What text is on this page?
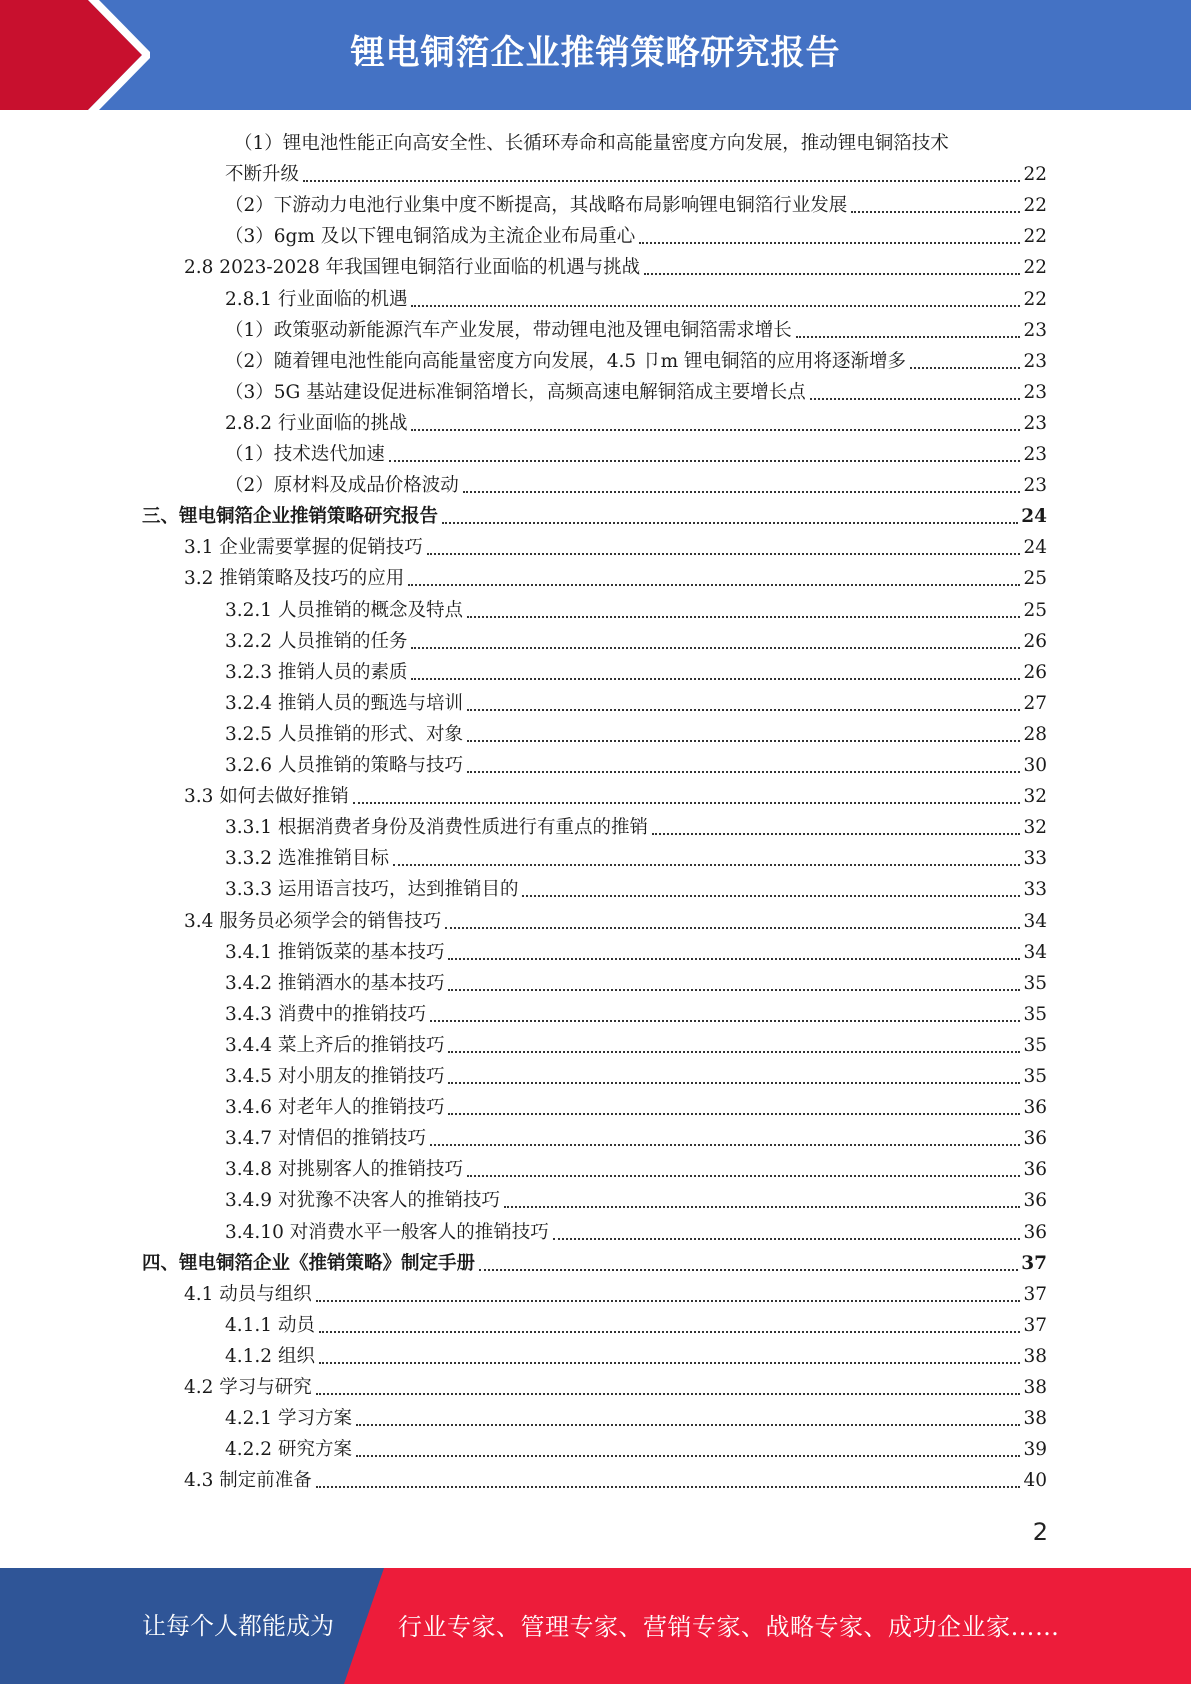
锂电铜箔企业推销策略研究报告
（1）锂电池性能正向高安全性、长循环寿命和高能量密度方向发展，推动锂电铜箔技术
不断升级	22
（2）下游动力电池行业集中度不断提高，其战略布局影响锂电铜箔行业发展	22
（3）6gm 及以下锂电铜箔成为主流企业布局重心	22
2.8 2023-2028 年我国锂电铜箔行业面临的机遇与挑战	22
2.8.1 行业面临的机遇	22
（1）政策驱动新能源汽车产业发展，带动锂电池及锂电铜箔需求增长	23
（2）随着锂电池性能向高能量密度方向发展，4.5 卩m 锂电铜箔的应用将逐渐增多	23
（3）5G 基站建设促进标准铜箔增长，高频高速电解铜箔成主要增长点	23
2.8.2 行业面临的挑战	23
（1）技术迭代加速	23
（2）原材料及成品价格波动	23
三、锂电铜箔企业推销策略研究报告	24
3.1 企业需要掌握的促销技巧	24
3.2 推销策略及技巧的应用	25
3.2.1 人员推销的概念及特点	25
3.2.2 人员推销的任务	26
3.2.3 推销人员的素质	26
3.2.4 推销人员的甄选与培训	27
3.2.5 人员推销的形式、对象	28
3.2.6 人员推销的策略与技巧	30
3.3 如何去做好推销	32
3.3.1 根据消费者身份及消费性质进行有重点的推销	32
3.3.2 选准推销目标	33
3.3.3 运用语言技巧，达到推销目的	33
3.4 服务员必须学会的销售技巧	34
3.4.1 推销饭菜的基本技巧	34
3.4.2 推销酒水的基本技巧	35
3.4.3 消费中的推销技巧	35
3.4.4 菜上齐后的推销技巧	35
3.4.5 对小朋友的推销技巧	35
3.4.6 对老年人的推销技巧	36
3.4.7 对情侣的推销技巧	36
3.4.8 对挑剔客人的推销技巧	36
3.4.9 对犹豫不决客人的推销技巧	36
3.4.10 对消费水平一般客人的推销技巧	36
四、锂电铜箔企业《推销策略》制定手册	37
4.1 动员与组织	37
4.1.1 动员	37
4.1.2 组织	38
4.2 学习与研究	38
4.2.1 学习方案	38
4.2.2 研究方案	39
4.3 制定前准备	40
2
让每个人都能成为	行业专家、管理专家、营销专家、战略专家、成功企业家……
